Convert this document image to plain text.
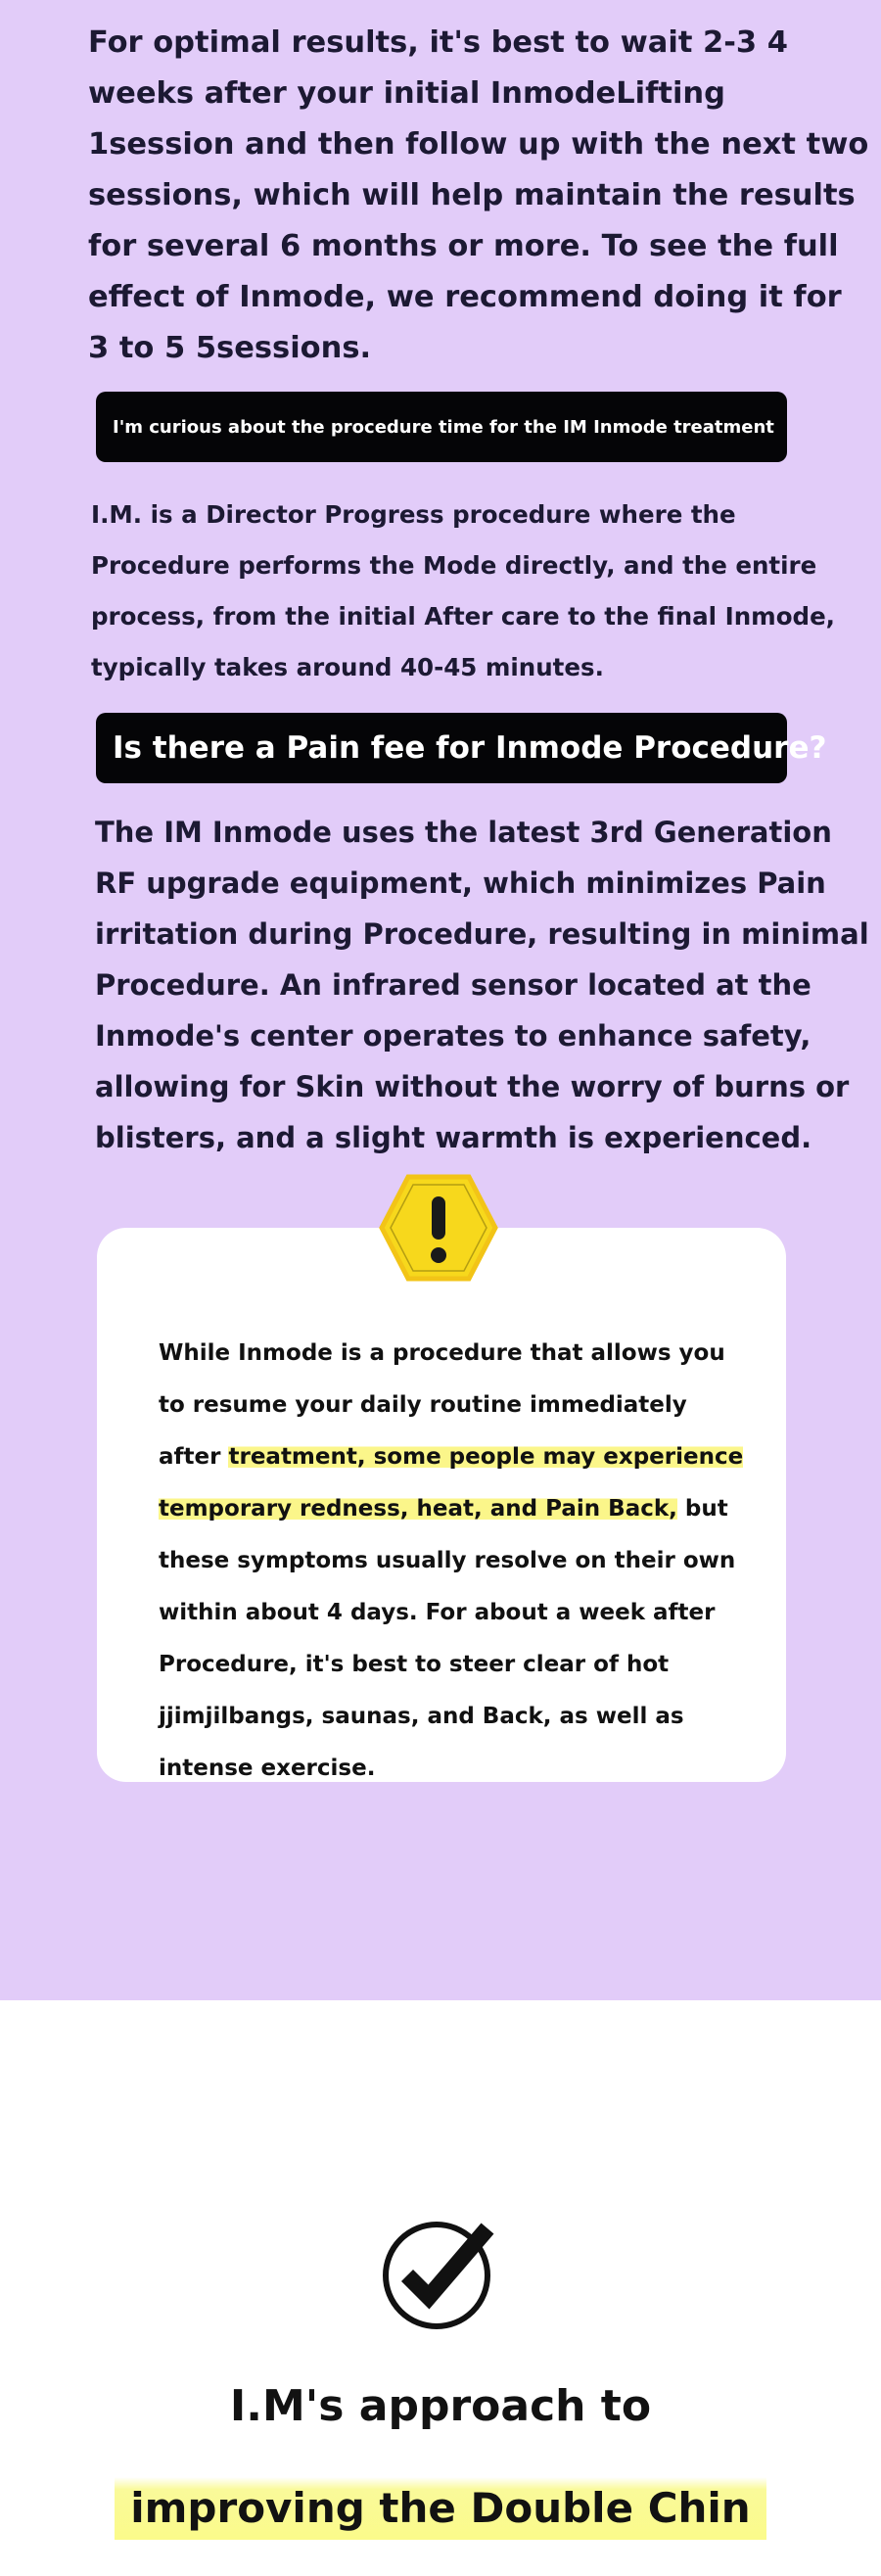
For optimal results, it's best to wait 2-3 4 weeks after your initial InmodeLifting 1session and then follow up with the next two sessions, which will help maintain the results for several 6 months or more. To see the full effect of Inmode, we recommend doing it for 3 to 5 5sessions.

I'm curious about the procedure time for the IM Inmode treatment

I.M. is a Director Progress procedure where the Procedure performs the Mode directly, and the entire process, from the initial After care to the final Inmode, typically takes around 40-45 minutes.

Is there a Pain fee for Inmode Procedure?

The IM Inmode uses the latest 3rd Generation RF upgrade equipment, which minimizes Pain irritation during Procedure, resulting in minimal Procedure. An infrared sensor located at the Inmode's center operates to enhance safety, allowing for Skin without the worry of burns or blisters, and a slight warmth is experienced.

While Inmode is a procedure that allows you to resume your daily routine immediately after treatment, some people may experience temporary redness, heat, and Pain Back, but these symptoms usually resolve on their own within about 4 days. For about a week after Procedure, it's best to steer clear of hot jjimjilbangs, saunas, and Back, as well as intense exercise.

I.M's approach to
improving the Double Chin
